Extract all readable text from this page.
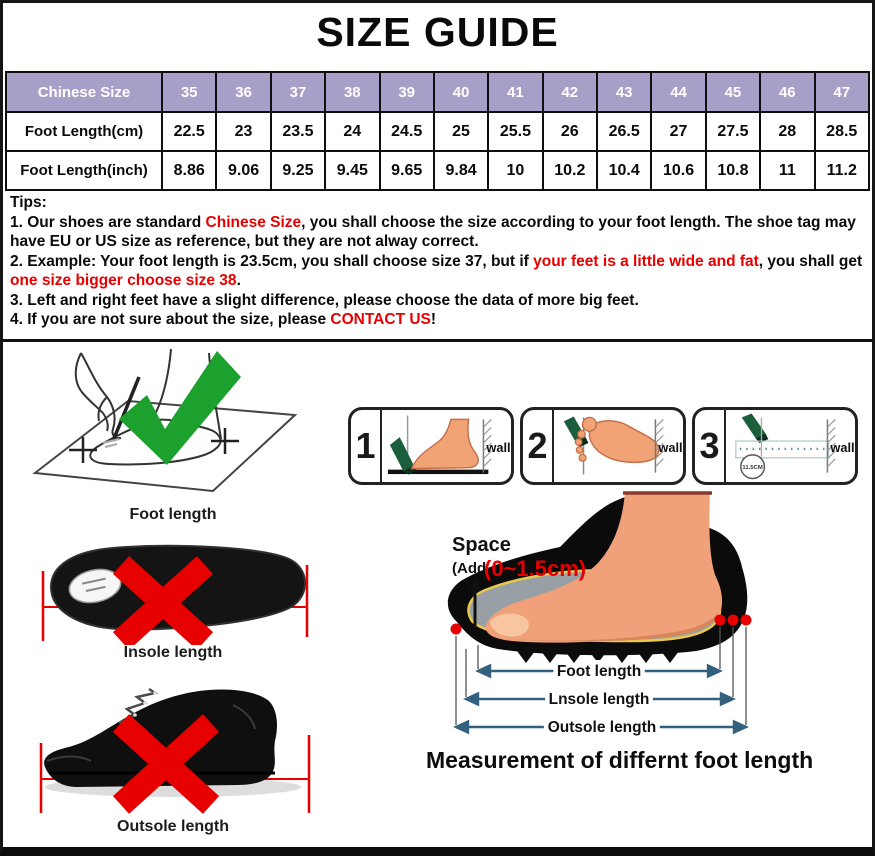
SIZE GUIDE
Chinese Size	35	36	37	38	39	40	41	42	43	44	45	46	47
Foot Length(cm)	22.5	23	23.5	24	24.5	25	25.5	26	26.5	27	27.5	28	28.5
Foot Length(inch)	8.86	9.06	9.25	9.45	9.65	9.84	10	10.2	10.4	10.6	10.8	11	11.2
Tips:
1. Our shoes are standard Chinese Size, you shall choose the size according to your foot length. The shoe tag may have EU or US size as reference, but they are not alway correct.
2. Example: Your foot length is 23.5cm, you shall choose size 37, but if your feet is a little wide and fat, you shall get one size bigger choose size 38.
3. Left and right feet have a slight difference, please choose the data of more big feet.
4. If you are not sure about the size, please CONTACT US!
Foot length
Insole length
Outsole length
1	wall 2	wall 3
11.5CM
wall
Space
(Add
(0~1.5cm)
Foot length
Lnsole length
Outsole length
Measurement of differnt foot length
